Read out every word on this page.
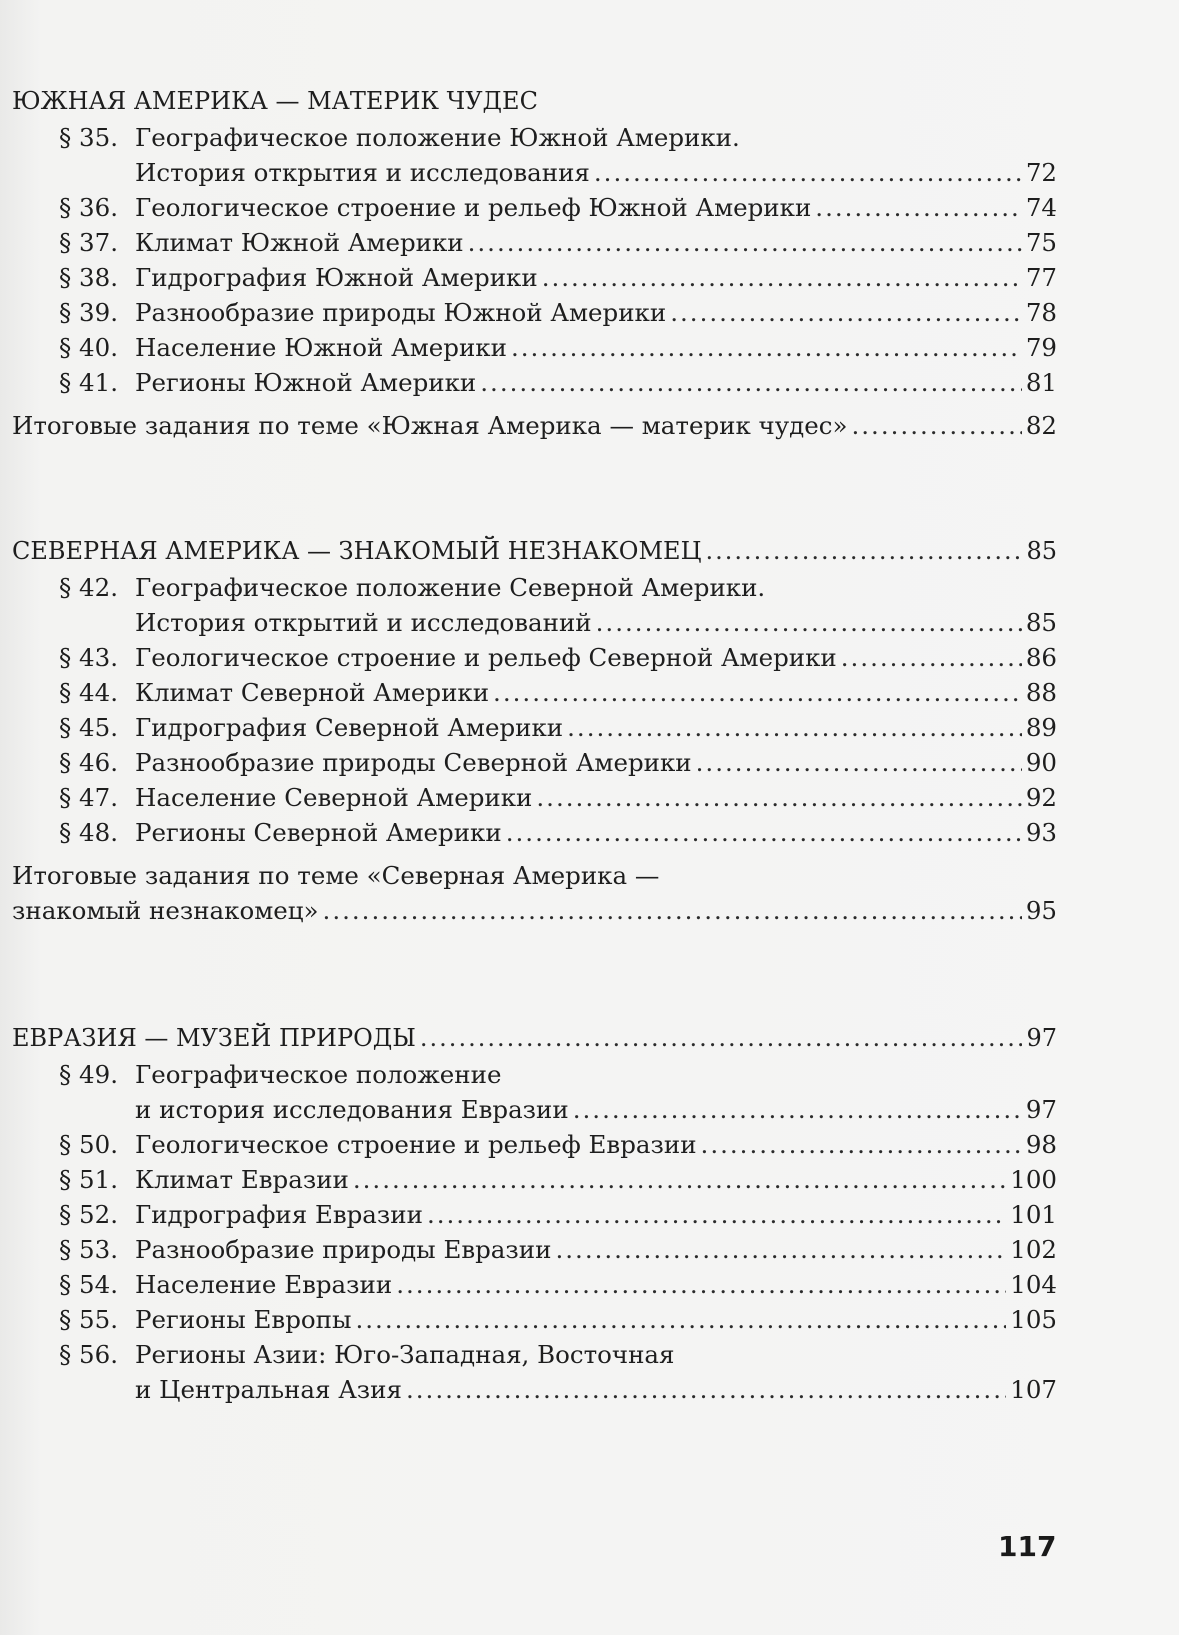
ЮЖНАЯ АМЕРИКА — МАТЕРИК ЧУДЕС
§ 35. Географическое положение Южной Америки.
История открытия и исследования .....	72
§ 36. Геологическое строение и рельеф Южной Америки .....	74
§ 37. Климат Южной Америки .....	75
§ 38. Гидрография Южной Америки .....	77
§ 39. Разнообразие природы Южной Америки .....	78
§ 40. Население Южной Америки .....	79
§ 41. Регионы Южной Америки .....	81
Итоговые задания по теме «Южная Америка — материк чудес» .....	82
СЕВЕРНАЯ АМЕРИКА — ЗНАКОМЫЙ НЕЗНАКОМЕЦ .....	85
§ 42. Географическое положение Северной Америки.
История открытий и исследований .....	85
§ 43. Геологическое строение и рельеф Северной Америки .....	86
§ 44. Климат Северной Америки .....	88
§ 45. Гидрография Северной Америки .....	89
§ 46. Разнообразие природы Северной Америки .....	90
§ 47. Население Северной Америки .....	92
§ 48. Регионы Северной Америки .....	93
Итоговые задания по теме «Северная Америка —
знакомый незнакомец» .....	95
ЕВРАЗИЯ — МУЗЕЙ ПРИРОДЫ .....	97
§ 49. Географическое положение
и история исследования Евразии .....	97
§ 50. Геологическое строение и рельеф Евразии .....	98
§ 51. Климат Евразии .....	100
§ 52. Гидрография Евразии .....	101
§ 53. Разнообразие природы Евразии .....	102
§ 54. Население Евразии .....	104
§ 55. Регионы Европы .....	105
§ 56. Регионы Азии: Юго-Западная, Восточная
и Центральная Азия .....	107
117
